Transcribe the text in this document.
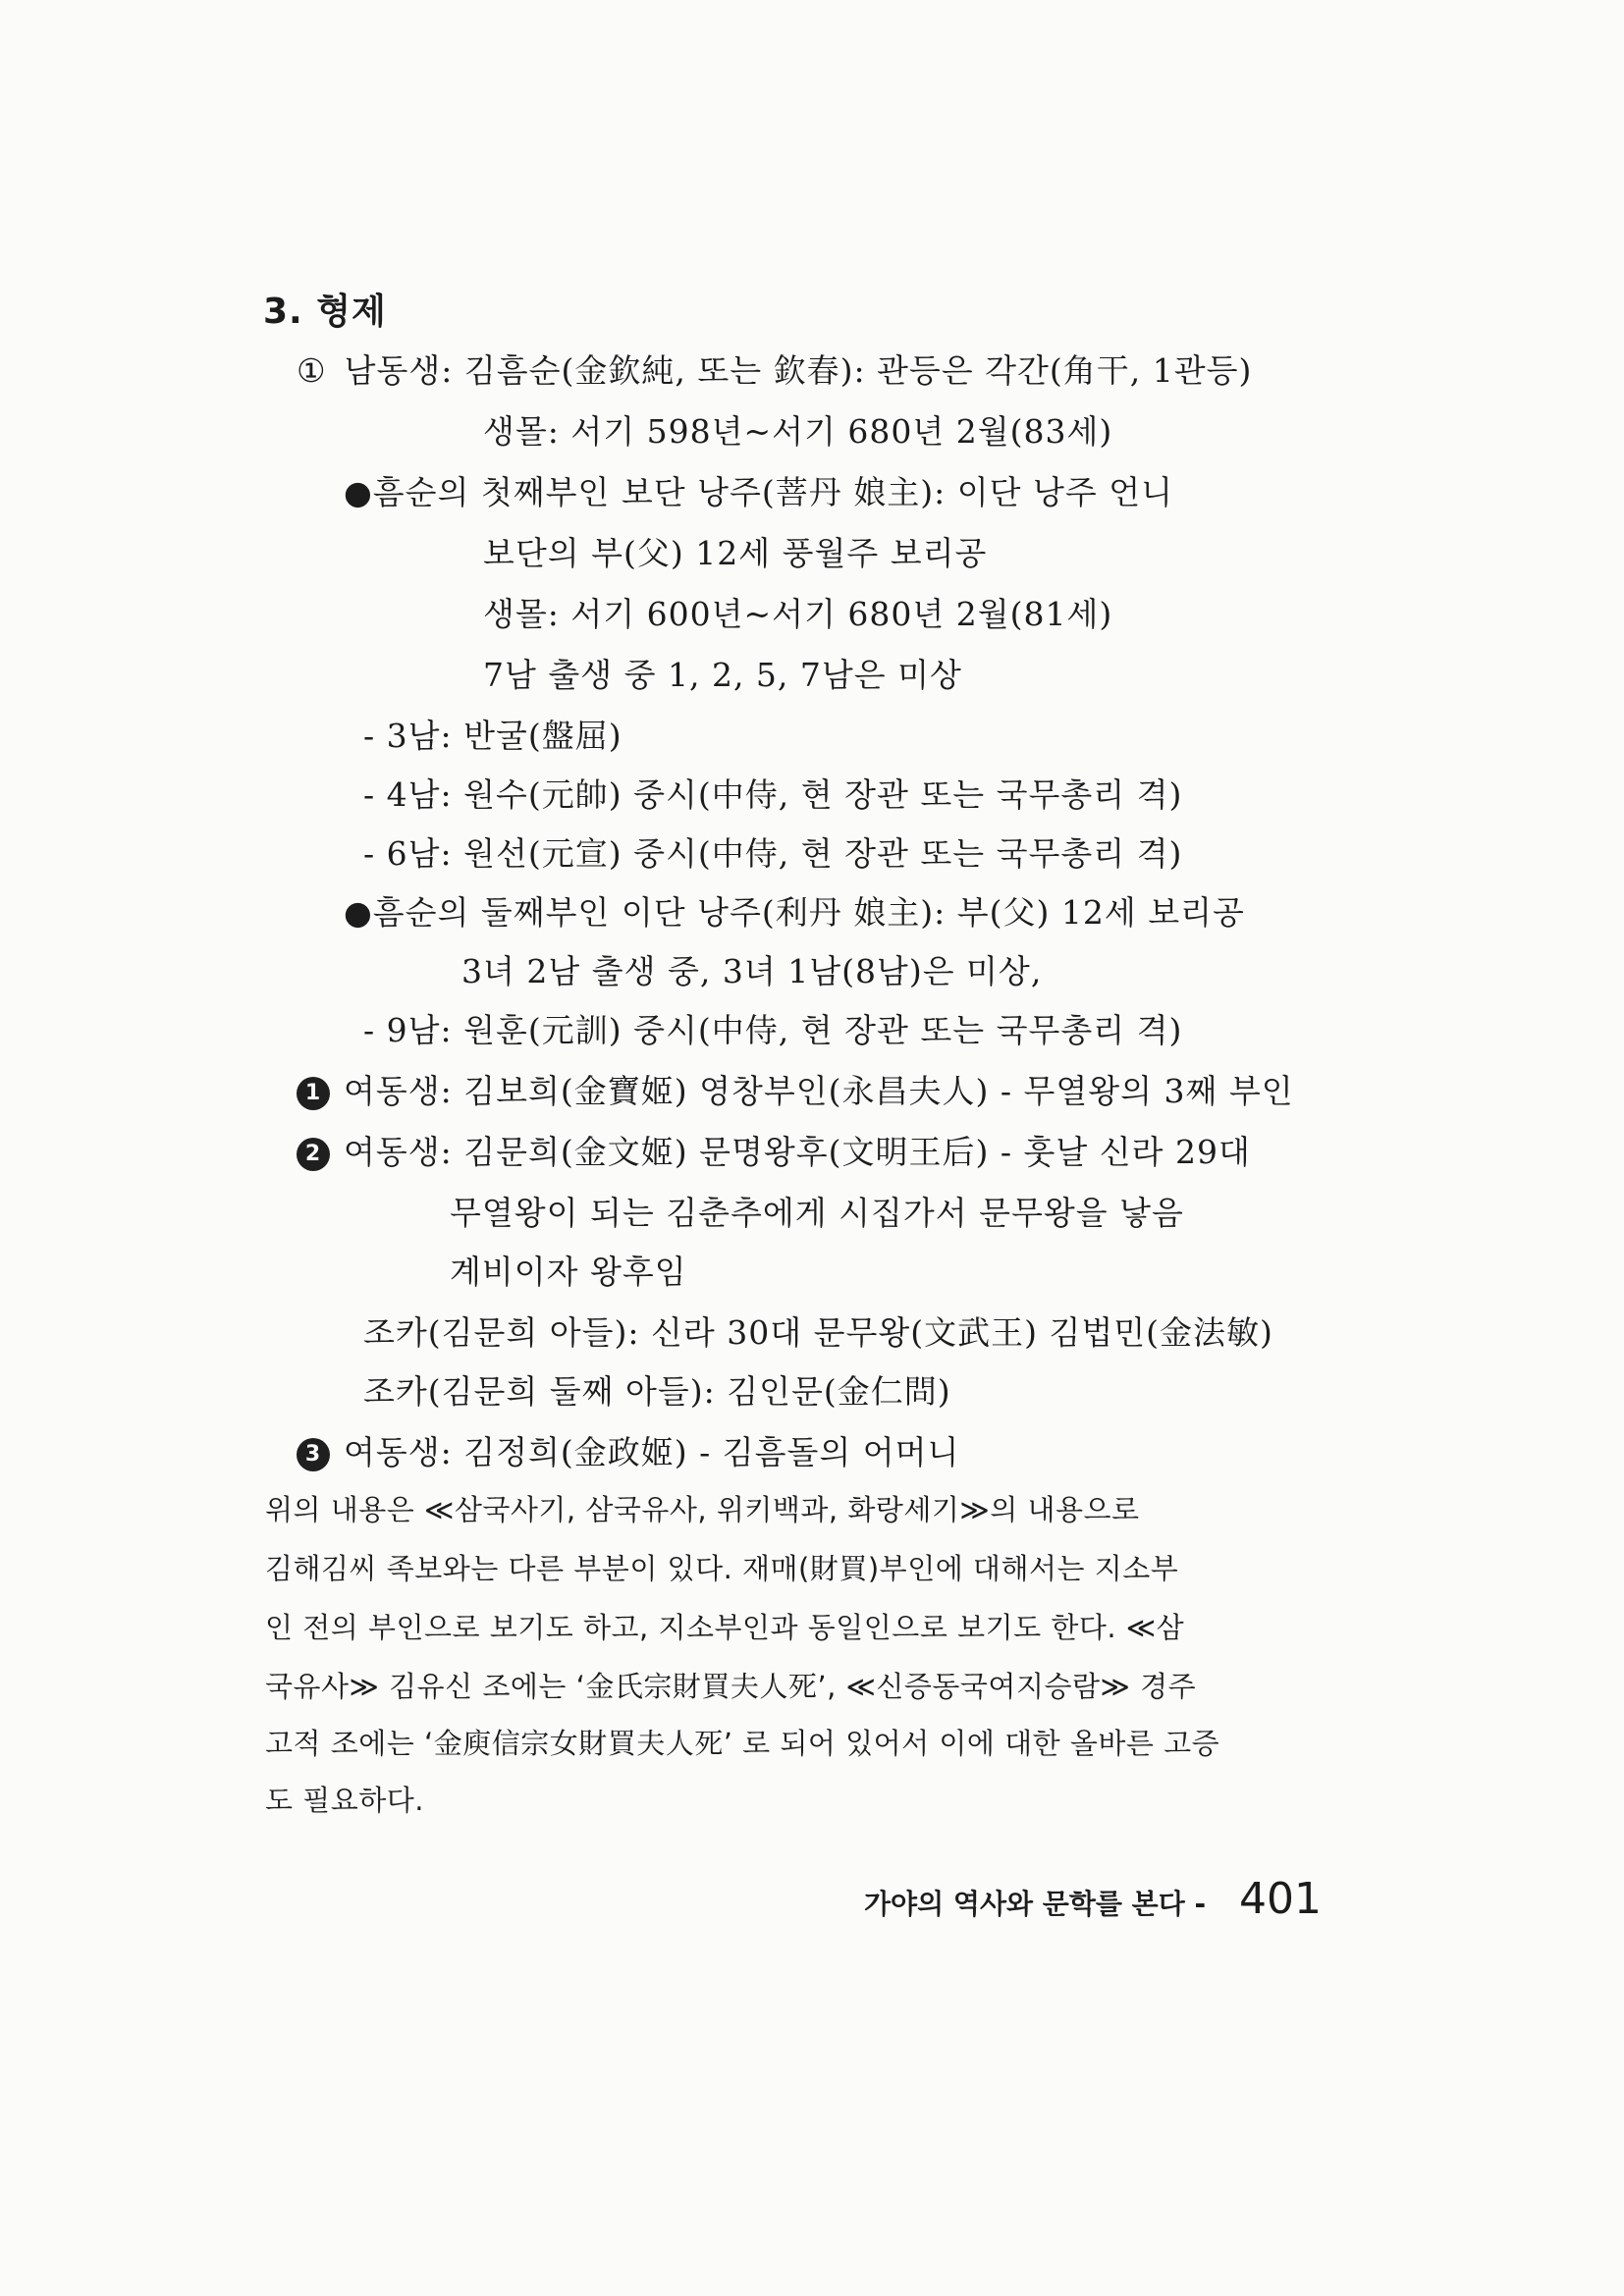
3. 형제
① 남동생: 김흠순(金欽純, 또는 欽春): 관등은 각간(角干, 1관등)
생몰: 서기 598년~서기 680년 2월(83세)
●흠순의 첫째부인 보단 낭주(菩丹 娘主): 이단 낭주 언니
보단의 부(父) 12세 풍월주 보리공
생몰: 서기 600년~서기 680년 2월(81세)
7남 출생 중 1, 2, 5, 7남은 미상
- 3남: 반굴(盤屈)
- 4남: 원수(元帥) 중시(中侍, 현 장관 또는 국무총리 격)
- 6남: 원선(元宣) 중시(中侍, 현 장관 또는 국무총리 격)
●흠순의 둘째부인 이단 낭주(利丹 娘主): 부(父) 12세 보리공
3녀 2남 출생 중, 3녀 1남(8남)은 미상,
- 9남: 원훈(元訓) 중시(中侍, 현 장관 또는 국무총리 격)
1 여동생: 김보희(金寶姬) 영창부인(永昌夫人) - 무열왕의 3째 부인
2 여동생: 김문희(金文姬) 문명왕후(文明王后) - 훗날 신라 29대
무열왕이 되는 김춘추에게 시집가서 문무왕을 낳음
계비이자 왕후임
조카(김문희 아들): 신라 30대 문무왕(文武王) 김법민(金法敏)
조카(김문희 둘째 아들): 김인문(金仁問)
3 여동생: 김정희(金政姬) - 김흠돌의 어머니
위의 내용은 ≪삼국사기, 삼국유사, 위키백과, 화랑세기≫의 내용으로
김해김씨 족보와는 다른 부분이 있다. 재매(財買)부인에 대해서는 지소부
인 전의 부인으로 보기도 하고, 지소부인과 동일인으로 보기도 한다. ≪삼
국유사≫ 김유신 조에는 ‘金氏宗財買夫人死’, ≪신증동국여지승람≫ 경주
고적 조에는 ‘金庾信宗女財買夫人死’ 로 되어 있어서 이에 대한 올바른 고증
도 필요하다.
가야의 역사와 문학를 본다 - 401
